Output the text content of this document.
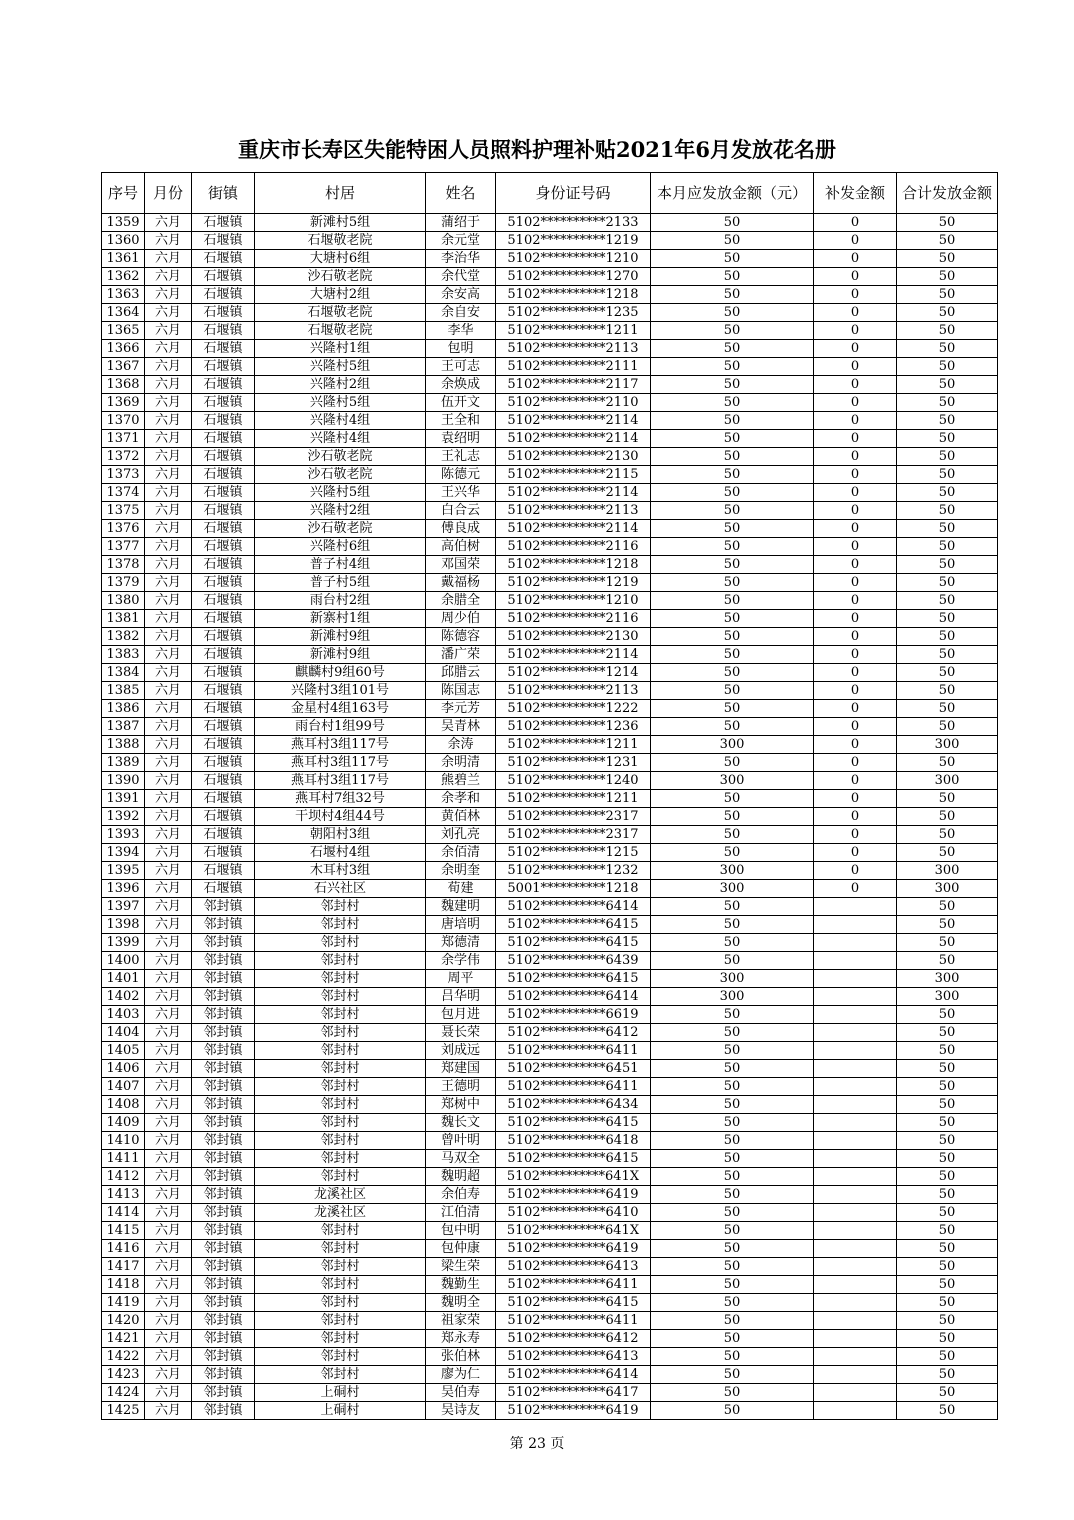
重庆市长寿区失能特困人员照料护理补贴2021年6月发放花名册
序号	月份	街镇	村居	姓名	身份证号码	本月应发放金额（元）	补发金额	合计发放金额
1359	六月	石堰镇	新滩村5组	蒲绍于	5102**********2133	50	0	50
1360	六月	石堰镇	石堰敬老院	余元堂	5102**********1219	50	0	50
1361	六月	石堰镇	大塘村6组	李治华	5102**********1210	50	0	50
1362	六月	石堰镇	沙石敬老院	余代堂	5102**********1270	50	0	50
1363	六月	石堰镇	大塘村2组	余安高	5102**********1218	50	0	50
1364	六月	石堰镇	石堰敬老院	余自安	5102**********1235	50	0	50
1365	六月	石堰镇	石堰敬老院	李华	5102**********1211	50	0	50
1366	六月	石堰镇	兴隆村1组	包明	5102**********2113	50	0	50
1367	六月	石堰镇	兴隆村5组	王可志	5102**********2111	50	0	50
1368	六月	石堰镇	兴隆村2组	余焕成	5102**********2117	50	0	50
1369	六月	石堰镇	兴隆村5组	伍开文	5102**********2110	50	0	50
1370	六月	石堰镇	兴隆村4组	王全和	5102**********2114	50	0	50
1371	六月	石堰镇	兴隆村4组	袁绍明	5102**********2114	50	0	50
1372	六月	石堰镇	沙石敬老院	王礼志	5102**********2130	50	0	50
1373	六月	石堰镇	沙石敬老院	陈德元	5102**********2115	50	0	50
1374	六月	石堰镇	兴隆村5组	王兴华	5102**********2114	50	0	50
1375	六月	石堰镇	兴隆村2组	白合云	5102**********2113	50	0	50
1376	六月	石堰镇	沙石敬老院	傅良成	5102**********2114	50	0	50
1377	六月	石堰镇	兴隆村6组	高伯树	5102**********2116	50	0	50
1378	六月	石堰镇	普子村4组	邓国荣	5102**********1218	50	0	50
1379	六月	石堰镇	普子村5组	戴福杨	5102**********1219	50	0	50
1380	六月	石堰镇	雨台村2组	余腊全	5102**********1210	50	0	50
1381	六月	石堰镇	新寨村1组	周少伯	5102**********2116	50	0	50
1382	六月	石堰镇	新滩村9组	陈德容	5102**********2130	50	0	50
1383	六月	石堰镇	新滩村9组	潘广荣	5102**********2114	50	0	50
1384	六月	石堰镇	麒麟村9组60号	邱腊云	5102**********1214	50	0	50
1385	六月	石堰镇	兴隆村3组101号	陈国志	5102**********2113	50	0	50
1386	六月	石堰镇	金星村4组163号	李元芳	5102**********1222	50	0	50
1387	六月	石堰镇	雨台村1组99号	吴青林	5102**********1236	50	0	50
1388	六月	石堰镇	燕耳村3组117号	余涛	5102**********1211	300	0	300
1389	六月	石堰镇	燕耳村3组117号	余明清	5102**********1231	50	0	50
1390	六月	石堰镇	燕耳村3组117号	熊碧兰	5102**********1240	300	0	300
1391	六月	石堰镇	燕耳村7组32号	余孝和	5102**********1211	50	0	50
1392	六月	石堰镇	干坝村4组44号	黄佰林	5102**********2317	50	0	50
1393	六月	石堰镇	朝阳村3组	刘孔亮	5102**********2317	50	0	50
1394	六月	石堰镇	石堰村4组	余佰清	5102**********1215	50	0	50
1395	六月	石堰镇	木耳村3组	余明奎	5102**********1232	300	0	300
1396	六月	石堰镇	石兴社区	荀建	5001**********1218	300	0	300
1397	六月	邻封镇	邻封村	魏建明	5102**********6414	50		50
1398	六月	邻封镇	邻封村	唐培明	5102**********6415	50		50
1399	六月	邻封镇	邻封村	郑德清	5102**********6415	50		50
1400	六月	邻封镇	邻封村	余学伟	5102**********6439	50		50
1401	六月	邻封镇	邻封村	周平	5102**********6415	300		300
1402	六月	邻封镇	邻封村	吕华明	5102**********6414	300		300
1403	六月	邻封镇	邻封村	包月进	5102**********6619	50		50
1404	六月	邻封镇	邻封村	聂长荣	5102**********6412	50		50
1405	六月	邻封镇	邻封村	刘成远	5102**********6411	50		50
1406	六月	邻封镇	邻封村	郑建国	5102**********6451	50		50
1407	六月	邻封镇	邻封村	王德明	5102**********6411	50		50
1408	六月	邻封镇	邻封村	郑树中	5102**********6434	50		50
1409	六月	邻封镇	邻封村	魏长文	5102**********6415	50		50
1410	六月	邻封镇	邻封村	曾叶明	5102**********6418	50		50
1411	六月	邻封镇	邻封村	马双全	5102**********6415	50		50
1412	六月	邻封镇	邻封村	魏明超	5102**********641X	50		50
1413	六月	邻封镇	龙溪社区	余伯寿	5102**********6419	50		50
1414	六月	邻封镇	龙溪社区	江伯清	5102**********6410	50		50
1415	六月	邻封镇	邻封村	包中明	5102**********641X	50		50
1416	六月	邻封镇	邻封村	包仲康	5102**********6419	50		50
1417	六月	邻封镇	邻封村	梁生荣	5102**********6413	50		50
1418	六月	邻封镇	邻封村	魏勤生	5102**********6411	50		50
1419	六月	邻封镇	邻封村	魏明全	5102**********6415	50		50
1420	六月	邻封镇	邻封村	祖家荣	5102**********6411	50		50
1421	六月	邻封镇	邻封村	郑永寿	5102**********6412	50		50
1422	六月	邻封镇	邻封村	张伯林	5102**********6413	50		50
1423	六月	邻封镇	邻封村	廖为仁	5102**********6414	50		50
1424	六月	邻封镇	上硐村	吴伯寿	5102**********6417	50		50
1425	六月	邻封镇	上硐村	吴诗友	5102**********6419	50		50
第 23 页
